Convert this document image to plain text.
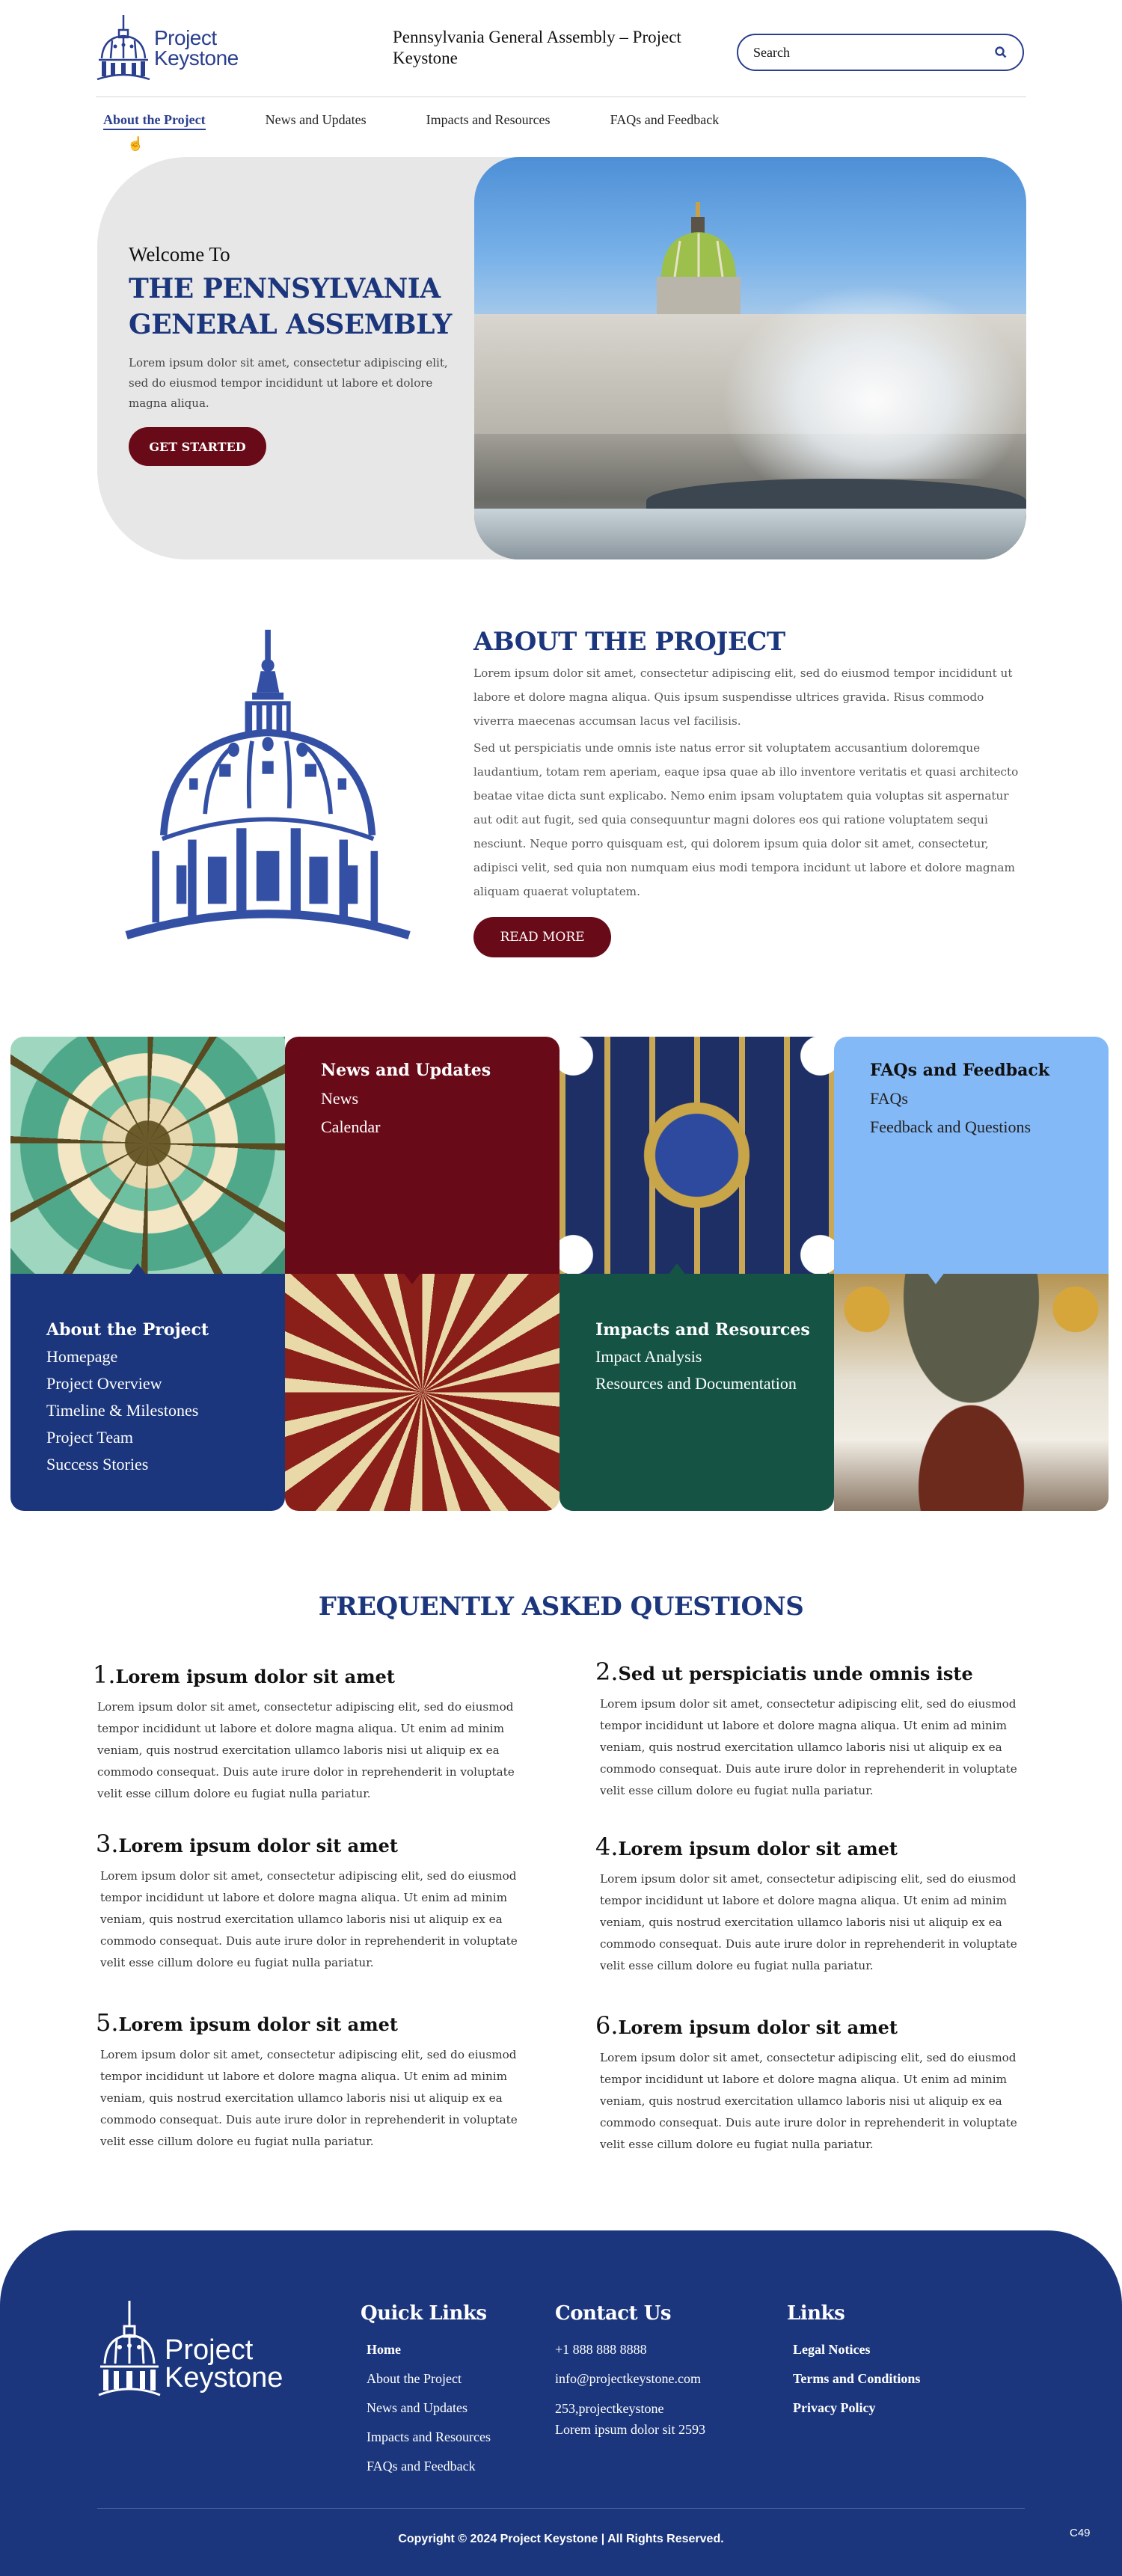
Project
Keystone
Pennsylvania General Assembly – Project Keystone
Search
About the Project	News and Updates	Impacts and Resources	FAQs and Feedback
☝
Welcome To
THE PENNSYLVANIA
GENERAL ASSEMBLY

Lorem ipsum dolor sit amet, consectetur adipiscing elit, sed do eiusmod tempor incididunt ut labore et dolore magna aliqua.

GET STARTED
ABOUT THE PROJECT

Lorem ipsum dolor sit amet, consectetur adipiscing elit, sed do eiusmod tempor incididunt ut labore et dolore magna aliqua. Quis ipsum suspendisse ultrices gravida. Risus commodo viverra maecenas accumsan lacus vel facilisis.

Sed ut perspiciatis unde omnis iste natus error sit voluptatem accusantium doloremque laudantium, totam rem aperiam, eaque ipsa quae ab illo inventore veritatis et quasi architecto beatae vitae dicta sunt explicabo. Nemo enim ipsam voluptatem quia voluptas sit aspernatur aut odit aut fugit, sed quia consequuntur magni dolores eos qui ratione voluptatem sequi nesciunt. Neque porro quisquam est, qui dolorem ipsum quia dolor sit amet, consectetur, adipisci velit, sed quia non numquam eius modi tempora incidunt ut labore et dolore magnam aliquam quaerat voluptatem.

READ MORE
About the Project
Homepage
Project Overview
Timeline & Milestones
Project Team
Success Stories
News and Updates
News
Calendar
Impacts and Resources
Impact Analysis
Resources and Documentation
FAQs and Feedback
FAQs
Feedback and Questions
FREQUENTLY ASKED QUESTIONS
1. Lorem ipsum dolor sit amet

Lorem ipsum dolor sit amet, consectetur adipiscing elit, sed do eiusmod tempor incididunt ut labore et dolore magna aliqua. Ut enim ad minim veniam, quis nostrud exercitation ullamco laboris nisi ut aliquip ex ea commodo consequat. Duis aute irure dolor in reprehenderit in voluptate velit esse cillum dolore eu fugiat nulla pariatur.

2. Sed ut perspiciatis unde omnis iste

Lorem ipsum dolor sit amet, consectetur adipiscing elit, sed do eiusmod tempor incididunt ut labore et dolore magna aliqua. Ut enim ad minim veniam, quis nostrud exercitation ullamco laboris nisi ut aliquip ex ea commodo consequat. Duis aute irure dolor in reprehenderit in voluptate velit esse cillum dolore eu fugiat nulla pariatur.

3. Lorem ipsum dolor sit amet

Lorem ipsum dolor sit amet, consectetur adipiscing elit, sed do eiusmod tempor incididunt ut labore et dolore magna aliqua. Ut enim ad minim veniam, quis nostrud exercitation ullamco laboris nisi ut aliquip ex ea commodo consequat. Duis aute irure dolor in reprehenderit in voluptate velit esse cillum dolore eu fugiat nulla pariatur.

4. Lorem ipsum dolor sit amet

Lorem ipsum dolor sit amet, consectetur adipiscing elit, sed do eiusmod tempor incididunt ut labore et dolore magna aliqua. Ut enim ad minim veniam, quis nostrud exercitation ullamco laboris nisi ut aliquip ex ea commodo consequat. Duis aute irure dolor in reprehenderit in voluptate velit esse cillum dolore eu fugiat nulla pariatur.

5. Lorem ipsum dolor sit amet

Lorem ipsum dolor sit amet, consectetur adipiscing elit, sed do eiusmod tempor incididunt ut labore et dolore magna aliqua. Ut enim ad minim veniam, quis nostrud exercitation ullamco laboris nisi ut aliquip ex ea commodo consequat. Duis aute irure dolor in reprehenderit in voluptate velit esse cillum dolore eu fugiat nulla pariatur.

6. Lorem ipsum dolor sit amet

Lorem ipsum dolor sit amet, consectetur adipiscing elit, sed do eiusmod tempor incididunt ut labore et dolore magna aliqua. Ut enim ad minim veniam, quis nostrud exercitation ullamco laboris nisi ut aliquip ex ea commodo consequat. Duis aute irure dolor in reprehenderit in voluptate velit esse cillum dolore eu fugiat nulla pariatur.

Project
Keystone
Quick Links
Home
About the Project
News and Updates
Impacts and Resources
FAQs and Feedback
Contact Us
+1 888 888 8888
info@projectkeystone.com
253,projectkeystone
Lorem ipsum dolor sit 2593
Links
Legal Notices
Terms and Conditions
Privacy Policy
Copyright © 2024 Project Keystone | All Rights Reserved.	C49
